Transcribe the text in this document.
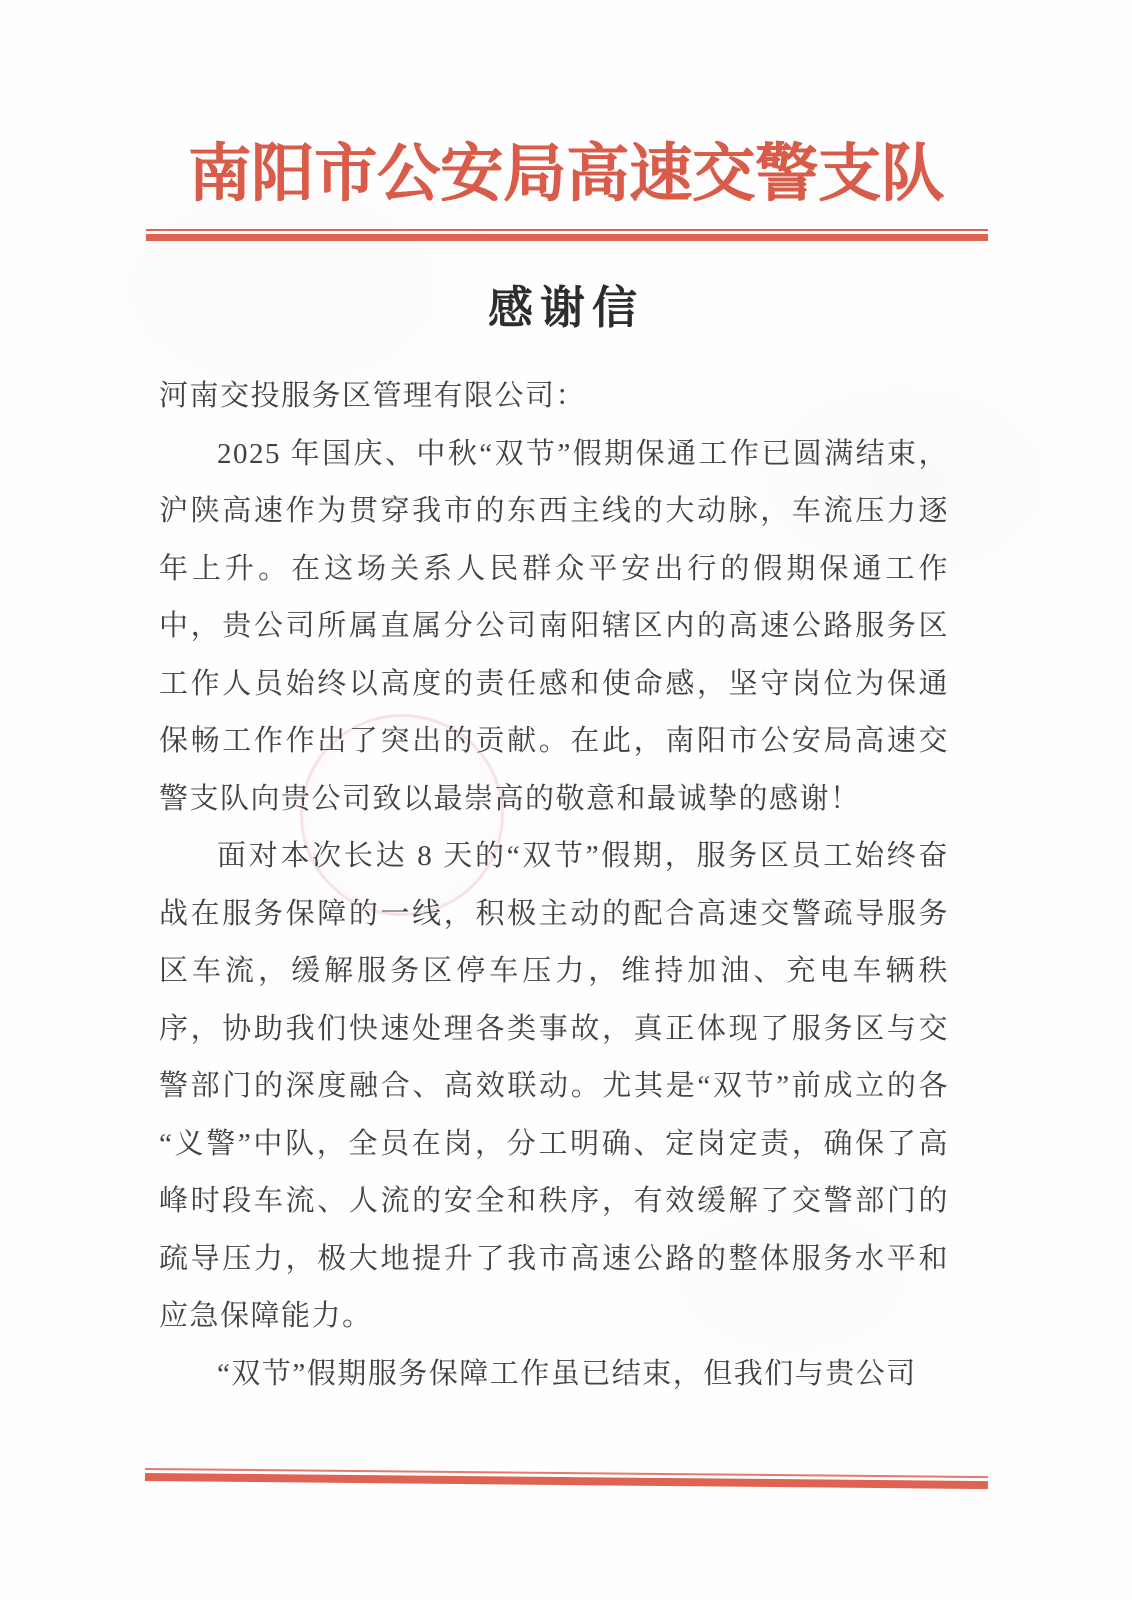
南阳市公安局高速交警支队
感谢信

河南交投服务区管理有限公司：

2025 年国庆、中秋“双节”假期保通工作已圆满结束，沪陕高速作为贯穿我市的东西主线的大动脉，车流压力逐年上升。在这场关系人民群众平安出行的假期保通工作中，贵公司所属直属分公司南阳辖区内的高速公路服务区工作人员始终以高度的责任感和使命感，坚守岗位为保通保畅工作作出了突出的贡献。在此，南阳市公安局高速交警支队向贵公司致以最崇高的敬意和最诚挚的感谢！

面对本次长达 8 天的“双节”假期，服务区员工始终奋战在服务保障的一线，积极主动的配合高速交警疏导服务区车流，缓解服务区停车压力，维持加油、充电车辆秩序，协助我们快速处理各类事故，真正体现了服务区与交警部门的深度融合、高效联动。尤其是“双节”前成立的各“义警”中队，全员在岗，分工明确、定岗定责，确保了高峰时段车流、人流的安全和秩序，有效缓解了交警部门的疏导压力，极大地提升了我市高速公路的整体服务水平和应急保障能力。

“双节”假期服务保障工作虽已结束，但我们与贵公司
